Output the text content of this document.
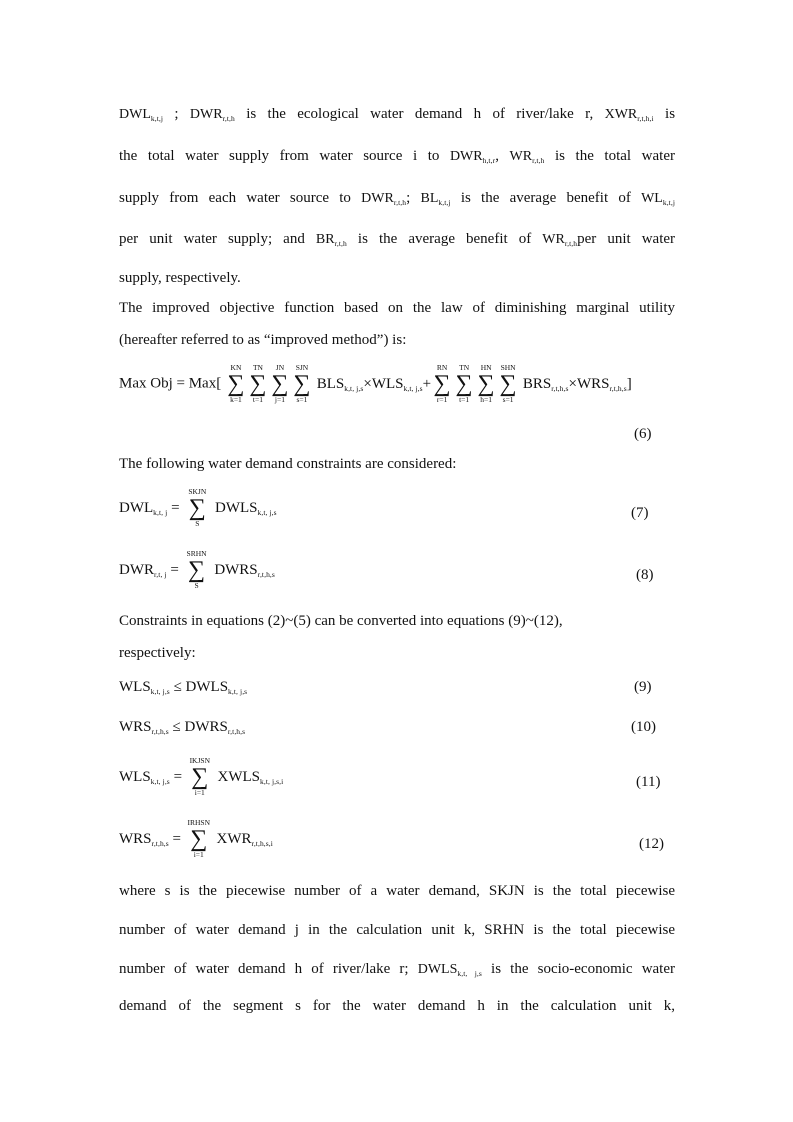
$DWL_{k,t,j}$ ; $DWR_{r,t,h}$ is the ecological water demand h of river/lake r, $XWR_{r,t,h,i}$ is
the total water supply from water source i to $DWR_{h,t,r}$, $WR_{r,t,h}$ is the total water
supply from each water source to $DWR_{r,t,h}$; $BL_{k,t,j}$ is the average benefit of $WL_{k,t,j}$
per unit water supply; and $BR_{r,t,h}$ is the average benefit of $WR_{r,t,h}per$ unit water
supply, respectively.
The improved objective function based on the law of diminishing marginal utility
(hereafter referred to as “improved method”) is:
Max Obj = Max[
KN
∑
k=1
TN
∑
t=1
JN
∑
j=1
SJN
∑
s=1
$BLS_{k,t, j,s}\times WLS_{k,t, j,s}+$
RN
∑
r=1
TN
∑
t=1
HN
∑
h=1
SHN
∑
s=1
$BRS_{r,t,h,s}\times WRS_{r,t,h,s}$]
(6)
The following water demand constraints are considered:
$DWL_{k,t, j}$ =
SKJN
∑
S
$DWLS_{k,t, j,s}$	(7)
$DWR_{r,t, j}$ =
SRHN
∑
S
$DWRS_{r,t,h,s}$	(8)
Constraints in equations (2)~(5) can be converted into equations (9)~(12),
respectively:
$WLS_{k,t, j,s}$ ≤ $DWLS_{k,t, j,s}$	(9)
$WRS_{r,t,h,s}$ ≤ $DWRS_{r,t,h,s}$	(10)
$WLS_{k,t, j,s}$ =
IKJSN
∑
i=1
$XWLS_{k,t, j,s,i}$	(11)
$WRS_{r,t,h,s}$ =
IRHSN
∑
i=1
$XWR_{r,t,h,s,i}$	(12)
where s is the piecewise number of a water demand, SKJN is the total piecewise
number of water demand j in the calculation unit k, SRHN is the total piecewise
number of water demand h of river/lake r; $DWLS_{k,t, j,s}$ is the socio-economic water
demand of the segment s for the water demand h in the calculation unit k,
